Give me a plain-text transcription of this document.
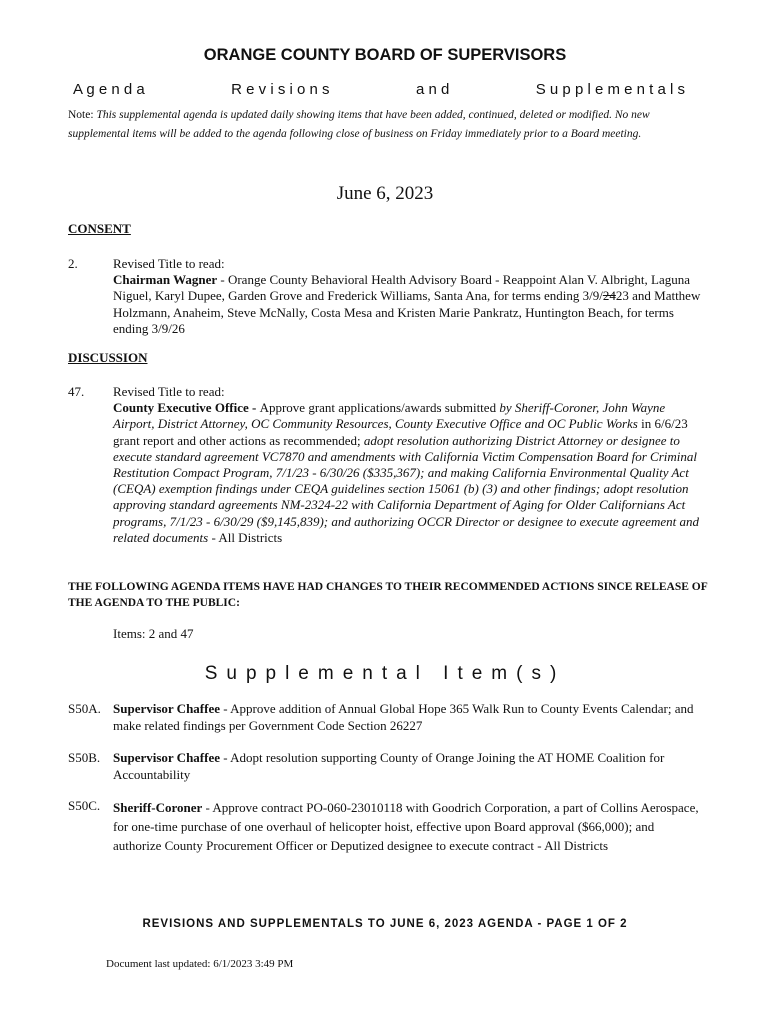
ORANGE COUNTY BOARD OF SUPERVISORS
A g e n d a	R e v i s i o n s	a n d	S u p p l e m e n t a l s
Note: This supplemental agenda is updated daily showing items that have been added, continued, deleted or modified. No new supplemental items will be added to the agenda following close of business on Friday immediately prior to a Board meeting.
June 6, 2023
CONSENT
2.	Revised Title to read:
Chairman Wagner - Orange County Behavioral Health Advisory Board - Reappoint Alan V. Albright, Laguna Niguel, Karyl Dupee, Garden Grove and Frederick Williams, Santa Ana, for terms ending 3/9/2423 and Matthew Holzmann, Anaheim, Steve McNally, Costa Mesa and Kristen Marie Pankratz, Huntington Beach, for terms ending 3/9/26
DISCUSSION
47. Revised Title to read:
County Executive Office - Approve grant applications/awards submitted by Sheriff-Coroner, John Wayne Airport, District Attorney, OC Community Resources, County Executive Office and OC Public Works in 6/6/23 grant report and other actions as recommended; adopt resolution authorizing District Attorney or designee to execute standard agreement VC7870 and amendments with California Victim Compensation Board for Criminal Restitution Compact Program, 7/1/23 - 6/30/26 ($335,367); and making California Environmental Quality Act (CEQA) exemption findings under CEQA guidelines section 15061 (b) (3) and other findings; adopt resolution approving standard agreements NM-2324-22 with California Department of Aging for Older Californians Act programs, 7/1/23 - 6/30/29 ($9,145,839); and authorizing OCCR Director or designee to execute agreement and related documents - All Districts
THE FOLLOWING AGENDA ITEMS HAVE HAD CHANGES TO THEIR RECOMMENDED ACTIONS SINCE RELEASE OF THE AGENDA TO THE PUBLIC:
Items: 2 and 47
Supplemental Item(s)
S50A. Supervisor Chaffee - Approve addition of Annual Global Hope 365 Walk Run to County Events Calendar; and make related findings per Government Code Section 26227
S50B. Supervisor Chaffee - Adopt resolution supporting County of Orange Joining the AT HOME Coalition for Accountability
S50C. Sheriff-Coroner - Approve contract PO-060-23010118 with Goodrich Corporation, a part of Collins Aerospace, for one-time purchase of one overhaul of helicopter hoist, effective upon Board approval ($66,000); and authorize County Procurement Officer or Deputized designee to execute contract - All Districts
REVISIONS AND SUPPLEMENTALS TO JUNE 6, 2023 AGENDA - PAGE 1 OF 2
Document last updated: 6/1/2023 3:49 PM
